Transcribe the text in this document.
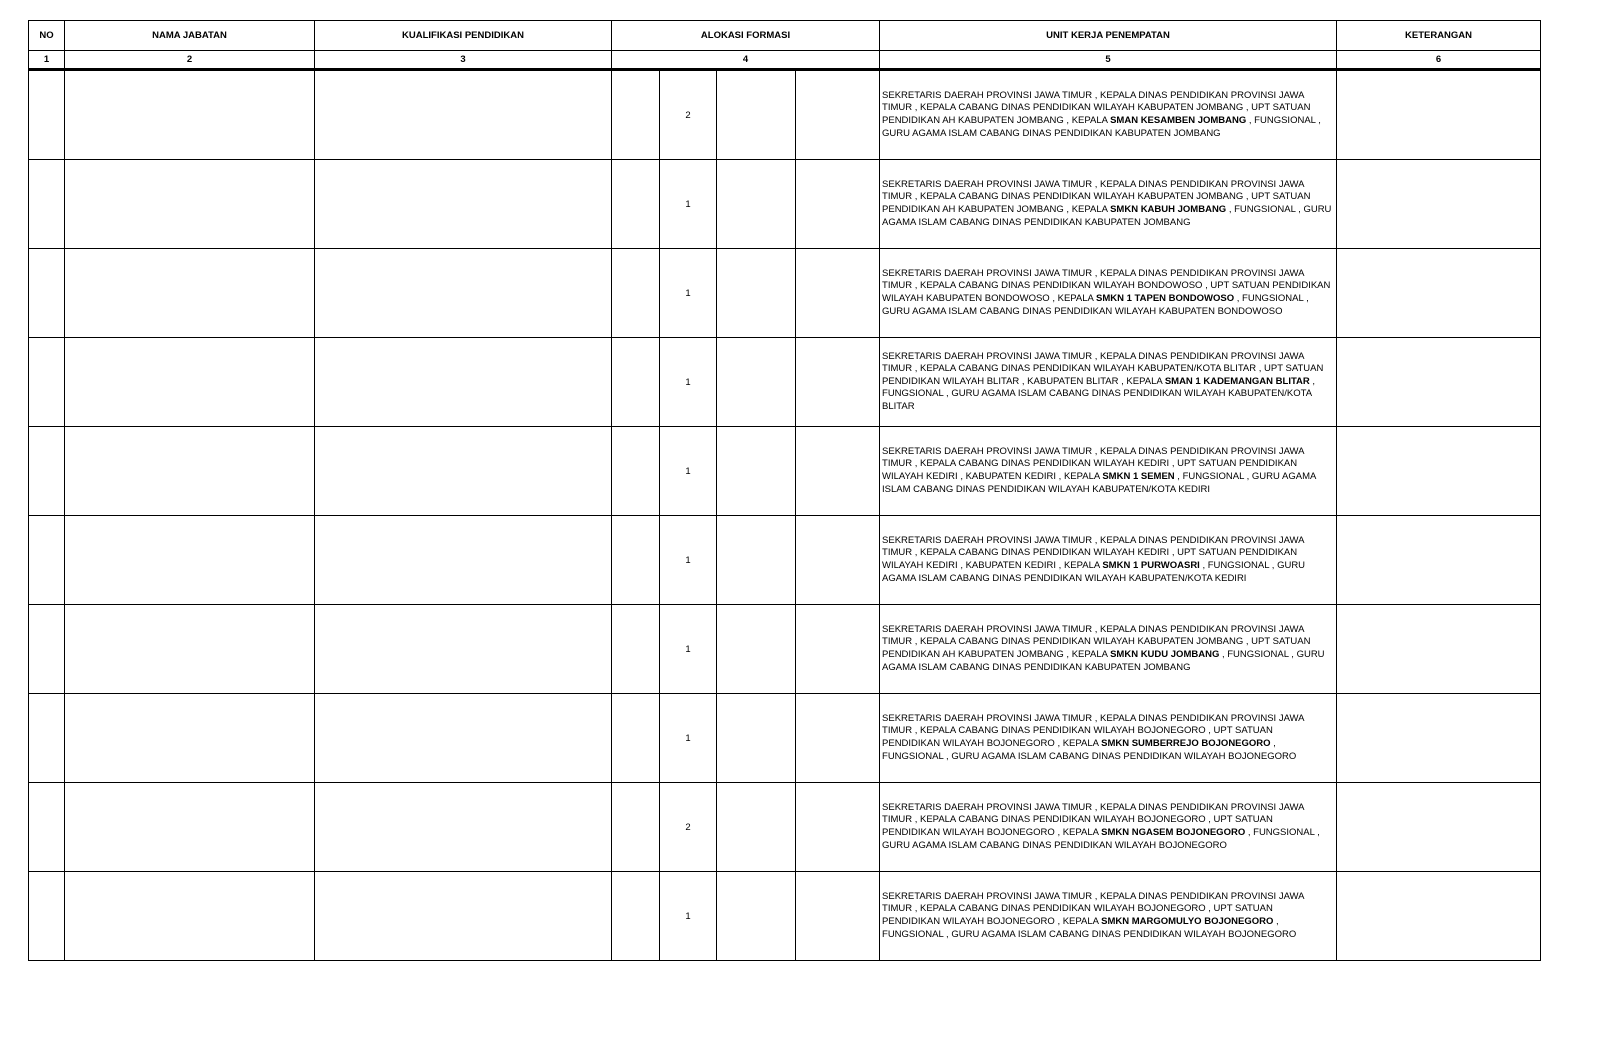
NO	NAMA JABATAN	KUALIFIKASI PENDIDIKAN	ALOKASI FORMASI				UNIT KERJA PENEMPATAN	KETERANGAN
1	2	3	4				5	6
				2			SEKRETARIS DAERAH PROVINSI JAWA TIMUR , KEPALA DINAS PENDIDIKAN PROVINSI JAWA TIMUR , KEPALA CABANG DINAS PENDIDIKAN WILAYAH KABUPATEN JOMBANG , UPT SATUAN PENDIDIKAN AH KABUPATEN JOMBANG , KEPALA SMAN KESAMBEN JOMBANG , FUNGSIONAL , GURU AGAMA ISLAM CABANG DINAS PENDIDIKAN KABUPATEN JOMBANG	
				1			SEKRETARIS DAERAH PROVINSI JAWA TIMUR , KEPALA DINAS PENDIDIKAN PROVINSI JAWA TIMUR , KEPALA CABANG DINAS PENDIDIKAN WILAYAH KABUPATEN JOMBANG , UPT SATUAN PENDIDIKAN AH KABUPATEN JOMBANG , KEPALA SMKN KABUH JOMBANG , FUNGSIONAL , GURU AGAMA ISLAM CABANG DINAS PENDIDIKAN KABUPATEN JOMBANG	
				1			SEKRETARIS DAERAH PROVINSI JAWA TIMUR , KEPALA DINAS PENDIDIKAN PROVINSI JAWA TIMUR , KEPALA CABANG DINAS PENDIDIKAN WILAYAH BONDOWOSO , UPT SATUAN PENDIDIKAN WILAYAH KABUPATEN BONDOWOSO , KEPALA SMKN 1 TAPEN BONDOWOSO , FUNGSIONAL , GURU AGAMA ISLAM CABANG DINAS PENDIDIKAN WILAYAH KABUPATEN BONDOWOSO	
				1			SEKRETARIS DAERAH PROVINSI JAWA TIMUR , KEPALA DINAS PENDIDIKAN PROVINSI JAWA TIMUR , KEPALA CABANG DINAS PENDIDIKAN WILAYAH KABUPATEN/KOTA BLITAR , UPT SATUAN PENDIDIKAN WILAYAH BLITAR , KABUPATEN BLITAR , KEPALA SMAN 1 KADEMANGAN BLITAR , FUNGSIONAL , GURU AGAMA ISLAM CABANG DINAS PENDIDIKAN WILAYAH KABUPATEN/KOTA BLITAR	
				1			SEKRETARIS DAERAH PROVINSI JAWA TIMUR , KEPALA DINAS PENDIDIKAN PROVINSI JAWA TIMUR , KEPALA CABANG DINAS PENDIDIKAN WILAYAH KEDIRI , UPT SATUAN PENDIDIKAN WILAYAH KEDIRI , KABUPATEN KEDIRI , KEPALA SMKN 1 SEMEN , FUNGSIONAL , GURU AGAMA ISLAM CABANG DINAS PENDIDIKAN WILAYAH KABUPATEN/KOTA KEDIRI	
				1			SEKRETARIS DAERAH PROVINSI JAWA TIMUR , KEPALA DINAS PENDIDIKAN PROVINSI JAWA TIMUR , KEPALA CABANG DINAS PENDIDIKAN WILAYAH KEDIRI , UPT SATUAN PENDIDIKAN WILAYAH KEDIRI , KABUPATEN KEDIRI , KEPALA SMKN 1 PURWOASRI , FUNGSIONAL , GURU AGAMA ISLAM CABANG DINAS PENDIDIKAN WILAYAH KABUPATEN/KOTA KEDIRI	
				1			SEKRETARIS DAERAH PROVINSI JAWA TIMUR , KEPALA DINAS PENDIDIKAN PROVINSI JAWA TIMUR , KEPALA CABANG DINAS PENDIDIKAN WILAYAH KABUPATEN JOMBANG , UPT SATUAN PENDIDIKAN AH KABUPATEN JOMBANG , KEPALA SMKN KUDU JOMBANG , FUNGSIONAL , GURU AGAMA ISLAM CABANG DINAS PENDIDIKAN KABUPATEN JOMBANG	
				1			SEKRETARIS DAERAH PROVINSI JAWA TIMUR , KEPALA DINAS PENDIDIKAN PROVINSI JAWA TIMUR , KEPALA CABANG DINAS PENDIDIKAN WILAYAH BOJONEGORO , UPT SATUAN PENDIDIKAN WILAYAH BOJONEGORO , KEPALA SMKN SUMBERREJO BOJONEGORO , FUNGSIONAL , GURU AGAMA ISLAM CABANG DINAS PENDIDIKAN WILAYAH BOJONEGORO	
				2			SEKRETARIS DAERAH PROVINSI JAWA TIMUR , KEPALA DINAS PENDIDIKAN PROVINSI JAWA TIMUR , KEPALA CABANG DINAS PENDIDIKAN WILAYAH BOJONEGORO , UPT SATUAN PENDIDIKAN WILAYAH BOJONEGORO , KEPALA SMKN NGASEM BOJONEGORO , FUNGSIONAL , GURU AGAMA ISLAM CABANG DINAS PENDIDIKAN WILAYAH BOJONEGORO	
				1			SEKRETARIS DAERAH PROVINSI JAWA TIMUR , KEPALA DINAS PENDIDIKAN PROVINSI JAWA TIMUR , KEPALA CABANG DINAS PENDIDIKAN WILAYAH BOJONEGORO , UPT SATUAN PENDIDIKAN WILAYAH BOJONEGORO , KEPALA SMKN MARGOMULYO BOJONEGORO , FUNGSIONAL , GURU AGAMA ISLAM CABANG DINAS PENDIDIKAN WILAYAH BOJONEGORO	
